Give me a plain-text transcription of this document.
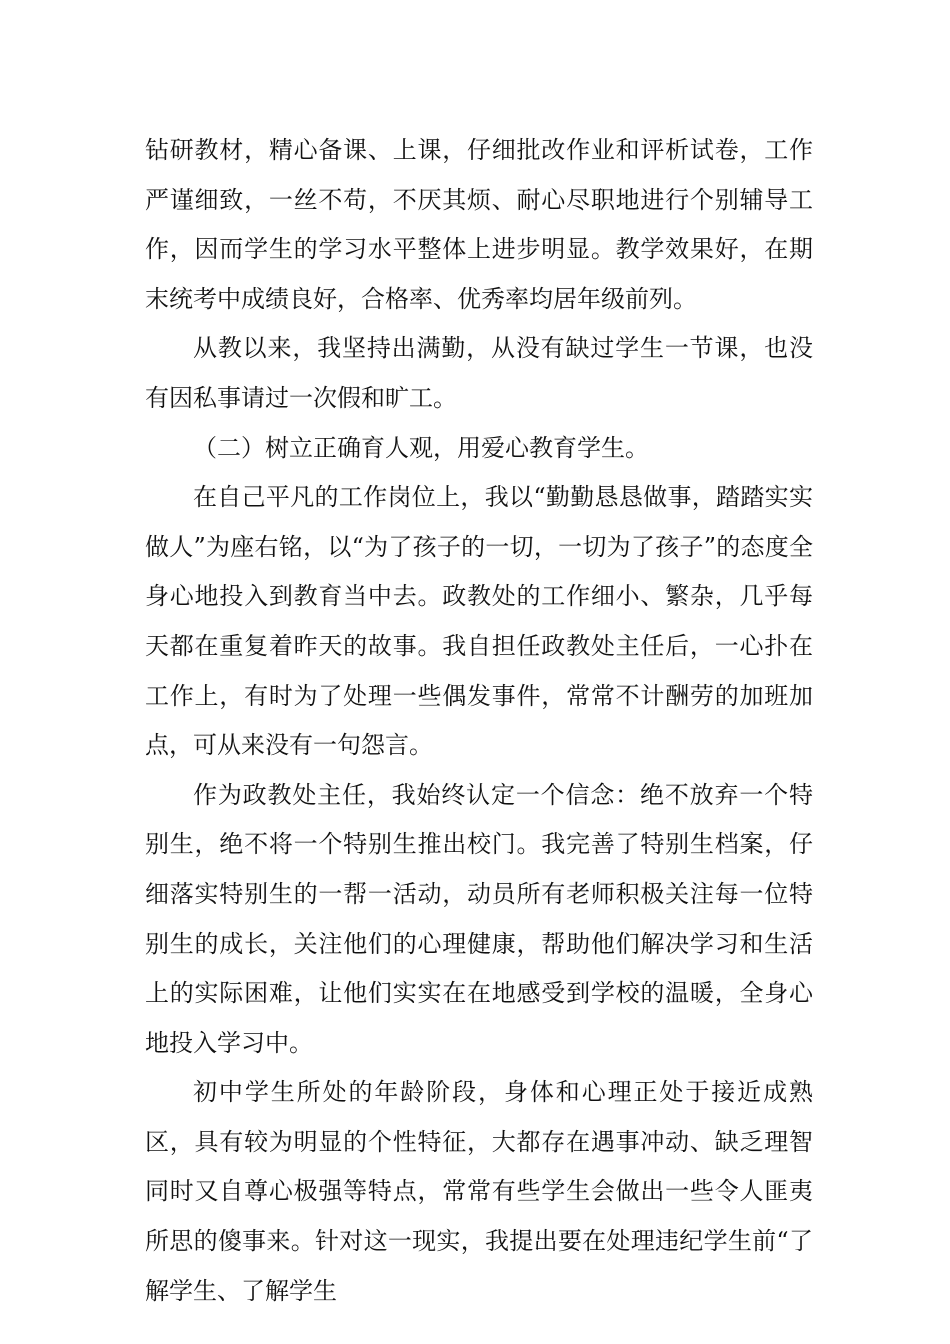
钻研教材，精心备课、上课，仔细批改作业和评析试卷，工作严谨细致，一丝不苟，不厌其烦、耐心尽职地进行个别辅导工作，因而学生的学习水平整体上进步明显。教学效果好，在期末统考中成绩良好，合格率、优秀率均居年级前列。

从教以来，我坚持出满勤，从没有缺过学生一节课，也没有因私事请过一次假和旷工。

（二）树立正确育人观，用爱心教育学生。

在自己平凡的工作岗位上，我以“勤勤恳恳做事，踏踏实实做人”为座右铭，以“为了孩子的一切，一切为了孩子”的态度全身心地投入到教育当中去。政教处的工作细小、繁杂，几乎每天都在重复着昨天的故事。我自担任政教处主任后，一心扑在工作上，有时为了处理一些偶发事件，常常不计酬劳的加班加点，可从来没有一句怨言。

作为政教处主任，我始终认定一个信念：绝不放弃一个特别生，绝不将一个特别生推出校门。我完善了特别生档案，仔细落实特别生的一帮一活动，动员所有老师积极关注每一位特别生的成长，关注他们的心理健康，帮助他们解决学习和生活上的实际困难，让他们实实在在地感受到学校的温暖，全身心地投入学习中。

初中学生所处的年龄阶段，身体和心理正处于接近成熟区，具有较为明显的个性特征，大都存在遇事冲动、缺乏理智同时又自尊心极强等特点，常常有些学生会做出一些令人匪夷所思的傻事来。针对这一现实，我提出要在处理违纪学生前“了解学生、了解学生
